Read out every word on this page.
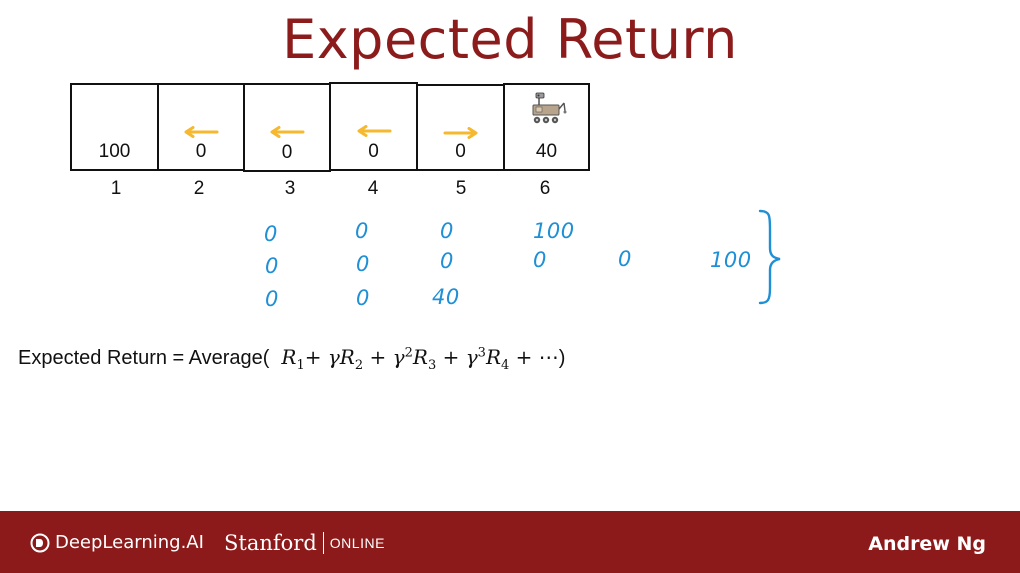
Expected Return
100	0	0	0	0	40
1	2	3	4	5	6
0	0	0	100
0	0	0	0	0
0	0	40
100
Expected Return = Average(  $R_1+ \gamma R_2 + \gamma^2R_3 + \gamma^3R_4$ + ⋯)
DeepLearning.AI Stanford ONLINE	Andrew Ng
